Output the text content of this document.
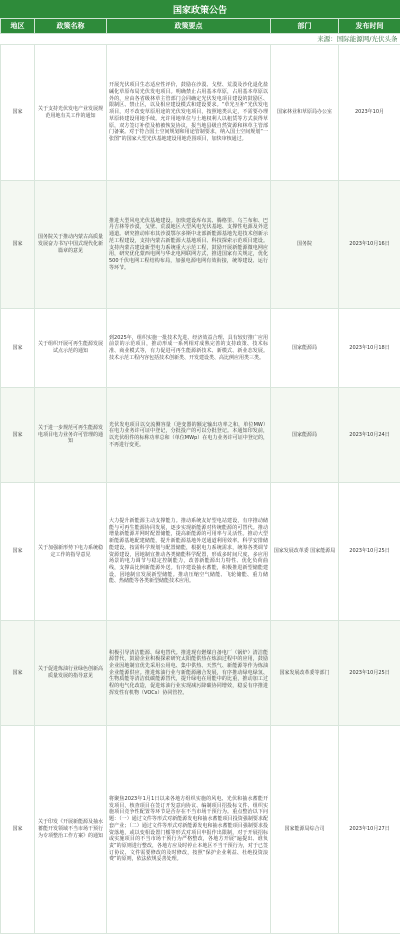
国家政策公告
地区	政策名称	政策要点	部门	发布时间
来源：国际能源网/光伏头条				
国家	关于支持光伏发电产业发展规范用地有关工作的通知	开展光伏项目生态适应性评价，鼓励在沙漠、戈壁、荒漠及沙化退化盐碱化草原布局光伏发电项目。明确禁止占用基本草原，占用基本草原以外的，应由各省级林草主管部门会同确定光伏发电项目建设的鼓励区、限制区、禁止区，以及相应建设模式和建设要求。“草光互补”光伏发电项目，对不改变草原用途的光伏发电项目，按照地类认定，不需要办理草原转建设用地手续。允许用地单位与土地权利人以租赁等方式获得草原，双方签订补偿及植被恢复协议，报当地县级自然资源和林草主管部门备案。对于符合国土空间规划和用途管制要求，纳入国土空间规划“一张图”的国家大型光伏基地建设用地范围项目，加快审核通过。	国家林业和草原局办公室	2023年10月
国家	国务院关于推动内蒙古高质量发展奋力书写中国式现代化新篇章的意见	推进大型风电光伏基地建设。加快建设库布其、腾格里、乌兰布和、巴丹吉林等沙漠，戈壁、荒漠地区大型风电光伏基地、支撑性电源及外送通道。研究推动库布其沙漠鄂尔多斯中北部新能源基地先进技术创新示范工程建设，支持内蒙古新能源大基地项目、科技探索示范项目建设。支持内蒙古建设新型电力系统重大示范工程，鼓励开展新能源微电网应用，研究优化蒙西电网与华北电网联网方式，推进国家有关规定，优化500千伏电网工程结构布局，加强电源电网有效衔接，统筹建设、运行等环节。	国务院	2023年10月16日
国家	关于组织开展可再生能源发展试点示范的通知	到2025年，组织实施一批技术先进、经济效益合理、具有较好推广应用前景的示范项目，推动形成一系列相对成熟完善的支持政策、技术标准、商业模式等，有力促进可再生能源新技术、新模式、新业态发展。技术示范工程内容包括技术创新类、开发建设类、高比例应用类三类。	国家能源局	2023年10月18日
国家	关于进一步规范可再生能源发电项目电力业务许可管理的通知	光伏发电项目以交流侧容量（逆变器的额定输出功率之和，单位MW）在电力业务许可证中登记，分批投产的可以分批登记。本通知印发前，以光伏组件的标称功率总和（单位MWp）在电力业务许可证中登记的，不再进行变更。	国家能源局	2023年10月24日
国家	关于加强新形势下电力系统稳定工作的指导意见	大力提升新能源主动支撑能力。推动系统友好型电站建设，有序推动储能与可再生能源协同发展，逐步实现新能源对传统能源的可替代。推动增量新能源并网时配置储能，提高新能源的可用率与灵活性。推动大型新能源基地配建储能，提升新能源基地外送通道利用效率。科学安排储能建设。按需科学规划与配置储能，根据电力系统需求，统筹各类调节资源建设，因地制宜推动各类储能科学配置，形成多时间尺度、多应用场景的电力调节与稳定控制能力，改善新能源出力特性、优化负荷曲线，支撑高比例新能源外送。有序建设抽水蓄能，积极推进新型储能建设，因地制宜发展新型储能。推动压缩空气储能、飞轮储能、重力储能、热储能等各类新型储能技术应用。	国家发展改革委 国家能源局	2023年10月25日
国家	关于促进炼油行业绿色创新高质量发展的指导意见	积极引导清洁能源、绿电替代。推进现有燃煤自备电厂（锅炉）清洁能源替代，鼓励企业积极探索研究太阳能供热在炼油过程中的应用，鼓励企业因地制宜优先采用公用电、集中供热、天然气、新能源等作为炼油企业能源供应。推进炼油行业与新能源融合发展，有序推动绿电绿氢、生物质能等清洁低碳能源替代，提升绿电在用能中的比重，推动加工过程的电气化改造，促进炼油行业实现减污降碳协同增效，稳妥有序推进挥发性有机物（VOCs）协同管控。	国家发展改革委等部门	2023年10月25日
国家	关于印发《开展新能源及抽水蓄能开发领域不当市场干预行为专项整治工作方案》的通知	将聚焦2023年1月1日以来各地方组织实施的风电、光伏和抽水蓄能开发项目，核查项目在签订开发意向协议、编制项目招投标文件、组织实施项目竞争性配置等环节是否存在不当市场干预行为。重点整治以下问题：（一）通过文件等形式对新能源发电和抽水蓄能项目投资强制要求配套产业；（二）通过文件等形式对新能源发电和抽水蓄能项目强制要求投资落地，或以变相设置门槛等形式对项目申报作出限制，对于开展招标或实施项目的不当市场干预行为严格整改，各地方开展“遍提出、谁负责”的原则进行整改，各地方应及时停止本地区不当干预行为，对于已签订协议、文件需要修改的及时修改，按照“保护企业利益、杜绝投资浪费”的原则，依法依规妥善处理。	国家能源局综合司	2023年10月27日
